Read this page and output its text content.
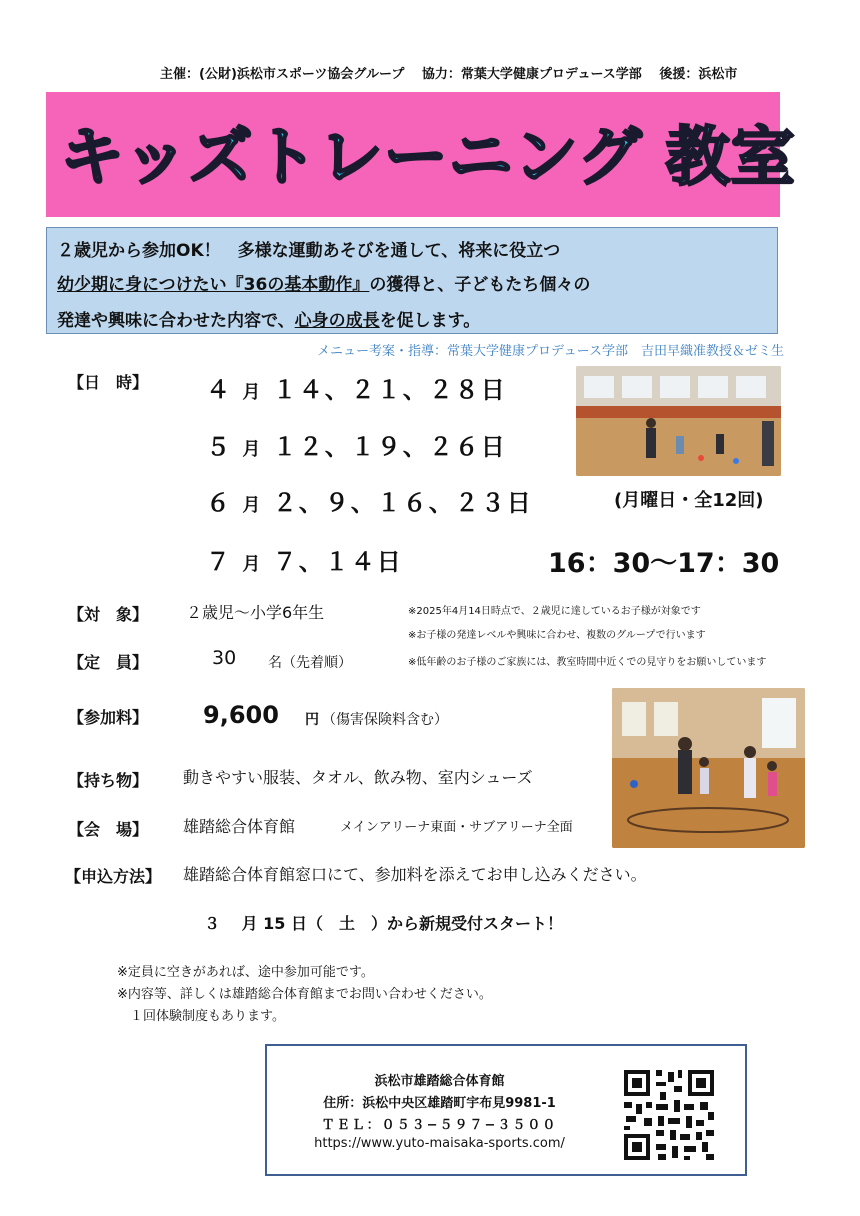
主催：(公財)浜松市スポーツ協会グループ　 協力：常葉大学健康プロデュース学部　 後援：浜松市
キッズトレーニング 教室
２歳児から参加OK！　多様な運動あそびを通して、将来に役立つ
幼少期に身につけたい『36の基本動作』の獲得と、子どもたち個々の
発達や興味に合わせた内容で、心身の成長を促します。
メニュー考案・指導：常葉大学健康プロデュース学部　吉田早織准教授＆ゼミ生
【日　時】 ４ 月 １４、２１、２８日
５ 月 １２、１９、２６日
６ 月 ２、９、１６、２３日
７ 月 ７、１４日
(月曜日・全12回)
16：30〜17：30
【対　象】 ２歳児〜小学6年生	※2025年4月14日時点で、２歳児に達しているお子様が対象です
※お子様の発達レベルや興味に合わせ、複数のグループで行います
【定　員】	30 名（先着順）	※低年齢のお子様のご家族には、教室時間中近くでの見守りをお願いしています
【参加料】 9,600 円 （傷害保険料含む）
【持ち物】 動きやすい服装、タオル、飲み物、室内シューズ
【会　場】 雄踏総合体育館	メインアリーナ東面・サブアリーナ全面
【申込方法】 雄踏総合体育館窓口にて、参加料を添えてお申し込みください。
３　 月 15 日（　土　）から新規受付スタート！
※定員に空きがあれば、途中参加可能です。
※内容等、詳しくは雄踏総合体育館までお問い合わせください。
　１回体験制度もあります。
浜松市雄踏総合体育館
住所：浜松中央区雄踏町宇布見9981-1
ＴＥＬ：０５３−５９７−３５００
https://www.yuto-maisaka-sports.com/
